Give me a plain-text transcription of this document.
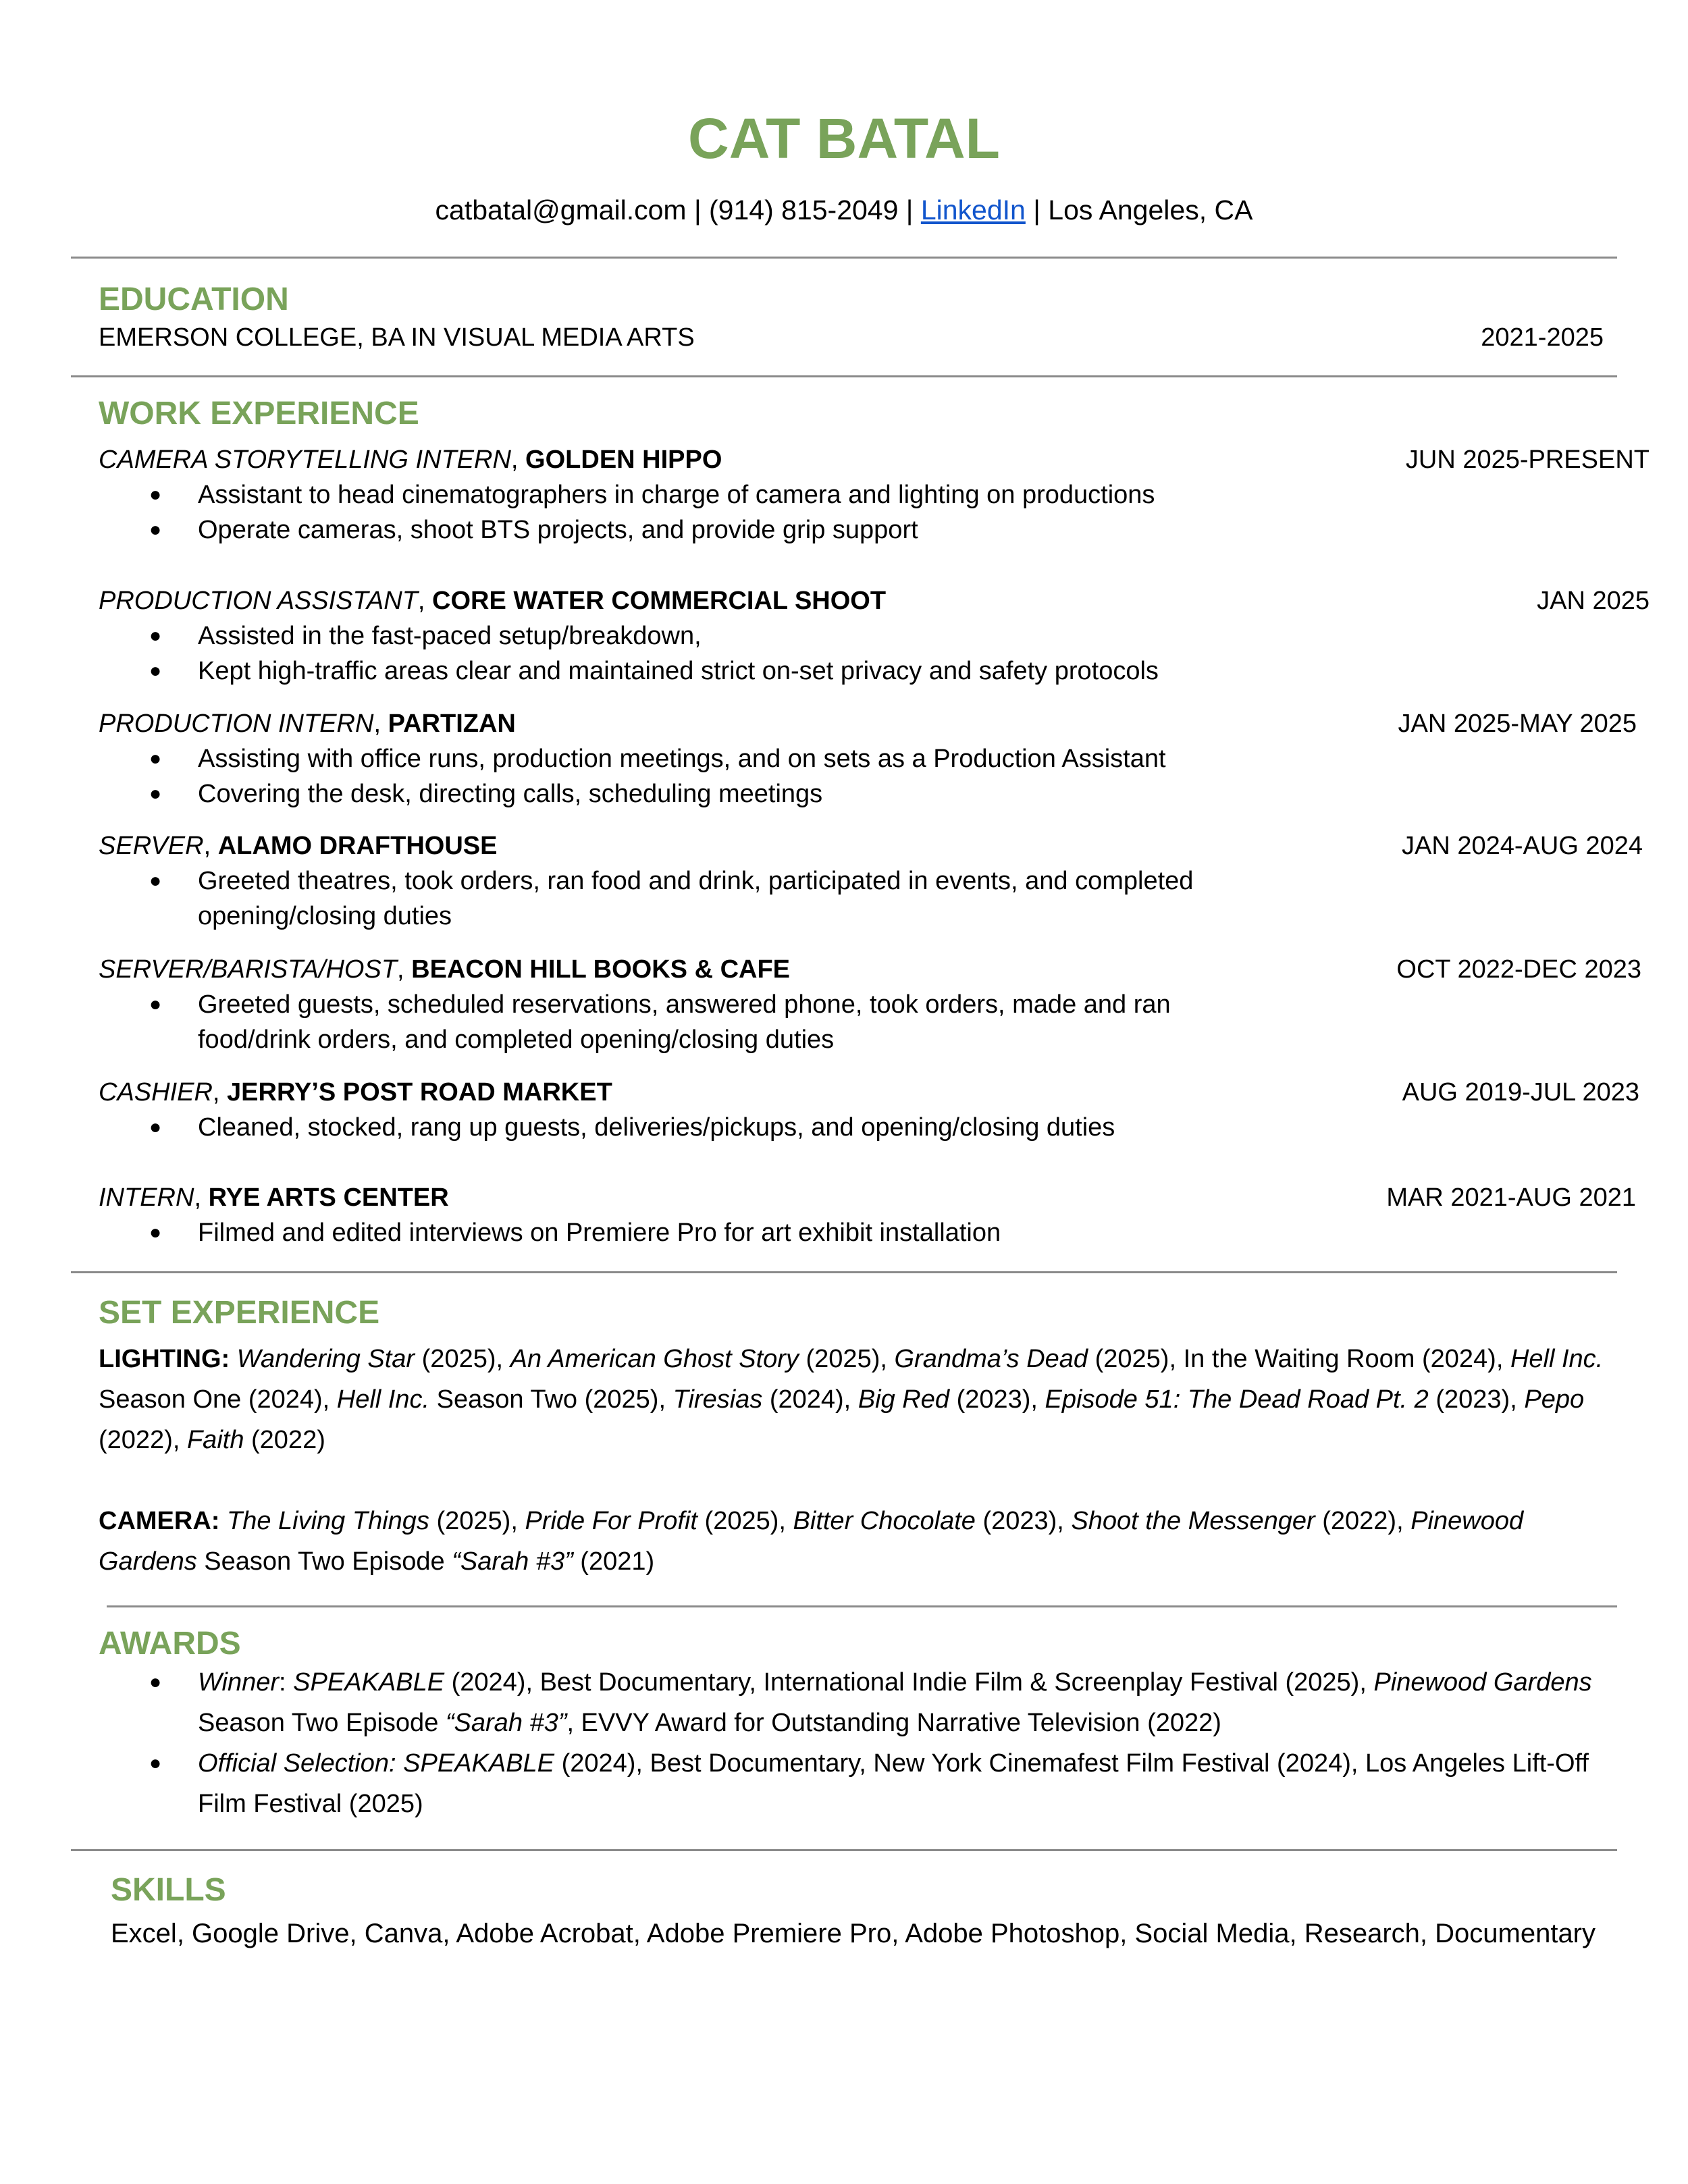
CAT BATAL
catbatal@gmail.com | (914) 815-2049 | LinkedIn | Los Angeles, CA
EDUCATION
EMERSON COLLEGE, BA IN VISUAL MEDIA ARTS	2021-2025
WORK EXPERIENCE
CAMERA STORYTELLING INTERN, GOLDEN HIPPO	JUN 2025-PRESENT
● Assistant to head cinematographers in charge of camera and lighting on productions
● Operate cameras, shoot BTS projects, and provide grip support
PRODUCTION ASSISTANT, CORE WATER COMMERCIAL SHOOT	JAN 2025
● Assisted in the fast-paced setup/breakdown,
● Kept high-traffic areas clear and maintained strict on-set privacy and safety protocols
PRODUCTION INTERN, PARTIZAN	JAN 2025-MAY 2025
● Assisting with office runs, production meetings, and on sets as a Production Assistant
● Covering the desk, directing calls, scheduling meetings
SERVER, ALAMO DRAFTHOUSE	JAN 2024-AUG 2024
● Greeted theatres, took orders, ran food and drink, participated in events, and completed
opening/closing duties
SERVER/BARISTA/HOST, BEACON HILL BOOKS & CAFE	OCT 2022-DEC 2023
● Greeted guests, scheduled reservations, answered phone, took orders, made and ran
food/drink orders, and completed opening/closing duties
CASHIER, JERRY’S POST ROAD MARKET	AUG 2019-JUL 2023
● Cleaned, stocked, rang up guests, deliveries/pickups, and opening/closing duties
INTERN, RYE ARTS CENTER	MAR 2021-AUG 2021
● Filmed and edited interviews on Premiere Pro for art exhibit installation
SET EXPERIENCE
LIGHTING: Wandering Star (2025), An American Ghost Story (2025), Grandma’s Dead (2025), In the Waiting Room (2024), Hell Inc.
Season One (2024), Hell Inc. Season Two (2025), Tiresias (2024), Big Red (2023), Episode 51: The Dead Road Pt. 2 (2023), Pepo
(2022), Faith (2022)
CAMERA: The Living Things (2025), Pride For Profit (2025), Bitter Chocolate (2023), Shoot the Messenger (2022), Pinewood
Gardens Season Two Episode “Sarah #3” (2021)
AWARDS
● Winner: SPEAKABLE (2024), Best Documentary, International Indie Film & Screenplay Festival (2025), Pinewood Gardens
Season Two Episode “Sarah #3”, EVVY Award for Outstanding Narrative Television (2022)
● Official Selection: SPEAKABLE (2024), Best Documentary, New York Cinemafest Film Festival (2024), Los Angeles Lift-Off
Film Festival (2025)
SKILLS
Excel, Google Drive, Canva, Adobe Acrobat, Adobe Premiere Pro, Adobe Photoshop, Social Media, Research, Documentary
